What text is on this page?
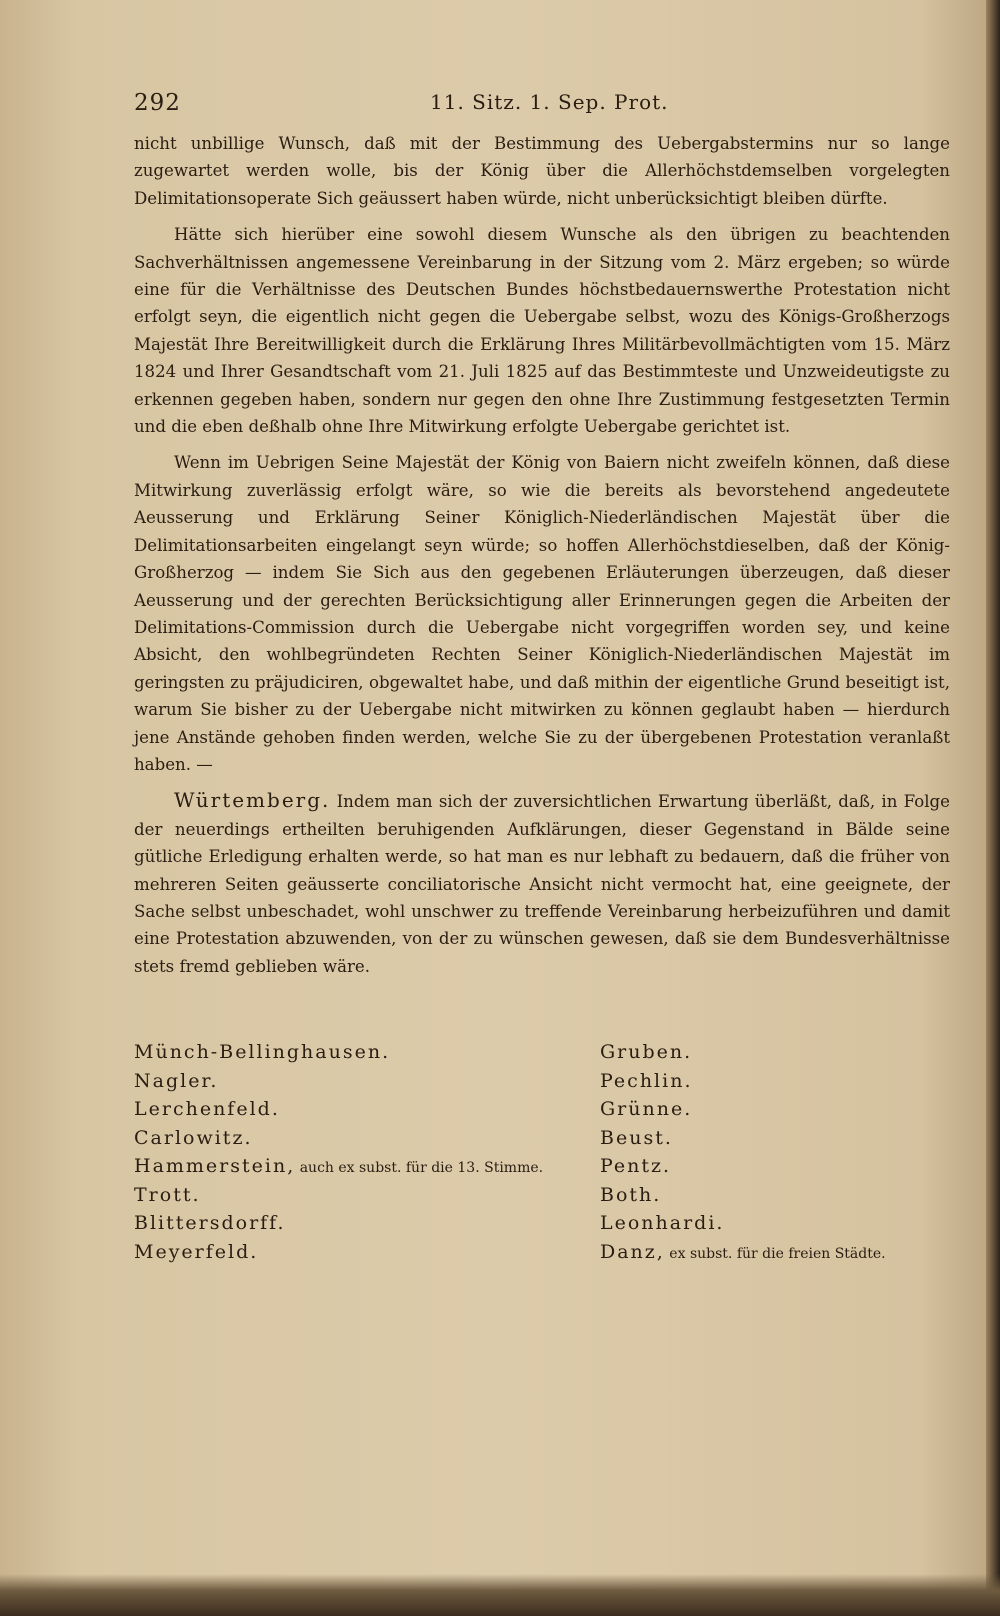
292	11. Sitz. 1. Sep. Prot.

nicht unbillige Wunsch, daß mit der Bestimmung des Uebergabstermins nur so lange zugewartet werden wolle, bis der König über die Allerhöchstdemselben vorgelegten Delimitationsoperate Sich geäussert haben würde, nicht unberücksichtigt bleiben dürfte.

Hätte sich hierüber eine sowohl diesem Wunsche als den übrigen zu beachtenden Sachverhältnissen angemessene Vereinbarung in der Sitzung vom 2. März ergeben; so würde eine für die Verhältnisse des Deutschen Bundes höchstbedauernswerthe Protestation nicht erfolgt seyn, die eigentlich nicht gegen die Uebergabe selbst, wozu des Königs-Großherzogs Majestät Ihre Bereitwilligkeit durch die Erklärung Ihres Militärbevollmächtigten vom 15. März 1824 und Ihrer Gesandtschaft vom 21. Juli 1825 auf das Bestimmteste und Unzweideutigste zu erkennen gegeben haben, sondern nur gegen den ohne Ihre Zustimmung festgesetzten Termin und die eben deßhalb ohne Ihre Mitwirkung erfolgte Uebergabe gerichtet ist.

Wenn im Uebrigen Seine Majestät der König von Baiern nicht zweifeln können, daß diese Mitwirkung zuverlässig erfolgt wäre, so wie die bereits als bevorstehend angedeutete Aeusserung und Erklärung Seiner Königlich-Niederländischen Majestät über die Delimitationsarbeiten eingelangt seyn würde; so hoffen Allerhöchstdieselben, daß der König-Großherzog — indem Sie Sich aus den gegebenen Erläuterungen überzeugen, daß dieser Aeusserung und der gerechten Berücksichtigung aller Erinnerungen gegen die Arbeiten der Delimitations-Commission durch die Uebergabe nicht vorgegriffen worden sey, und keine Absicht, den wohlbegründeten Rechten Seiner Königlich-Niederländischen Majestät im geringsten zu präjudiciren, obgewaltet habe, und daß mithin der eigentliche Grund beseitigt ist, warum Sie bisher zu der Uebergabe nicht mitwirken zu können geglaubt haben — hierdurch jene Anstände gehoben finden werden, welche Sie zu der übergebenen Protestation veranlaßt haben. —

Würtemberg. Indem man sich der zuversichtlichen Erwartung überläßt, daß, in Folge der neuerdings ertheilten beruhigenden Aufklärungen, dieser Gegenstand in Bälde seine gütliche Erledigung erhalten werde, so hat man es nur lebhaft zu bedauern, daß die früher von mehreren Seiten geäusserte conciliatorische Ansicht nicht vermocht hat, eine geeignete, der Sache selbst unbeschadet, wohl unschwer zu treffende Vereinbarung herbeizuführen und damit eine Protestation abzuwenden, von der zu wünschen gewesen, daß sie dem Bundesverhältnisse stets fremd geblieben wäre.

Münch-Bellinghausen.
Nagler.
Lerchenfeld.
Carlowitz.
Hammerstein, auch ex subst. für die 13. Stimme.
Trott.
Blittersdorff.
Meyerfeld.
Gruben.
Pechlin.
Grünne.
Beust.
Pentz.
Both.
Leonhardi.
Danz, ex subst. für die freien Städte.
